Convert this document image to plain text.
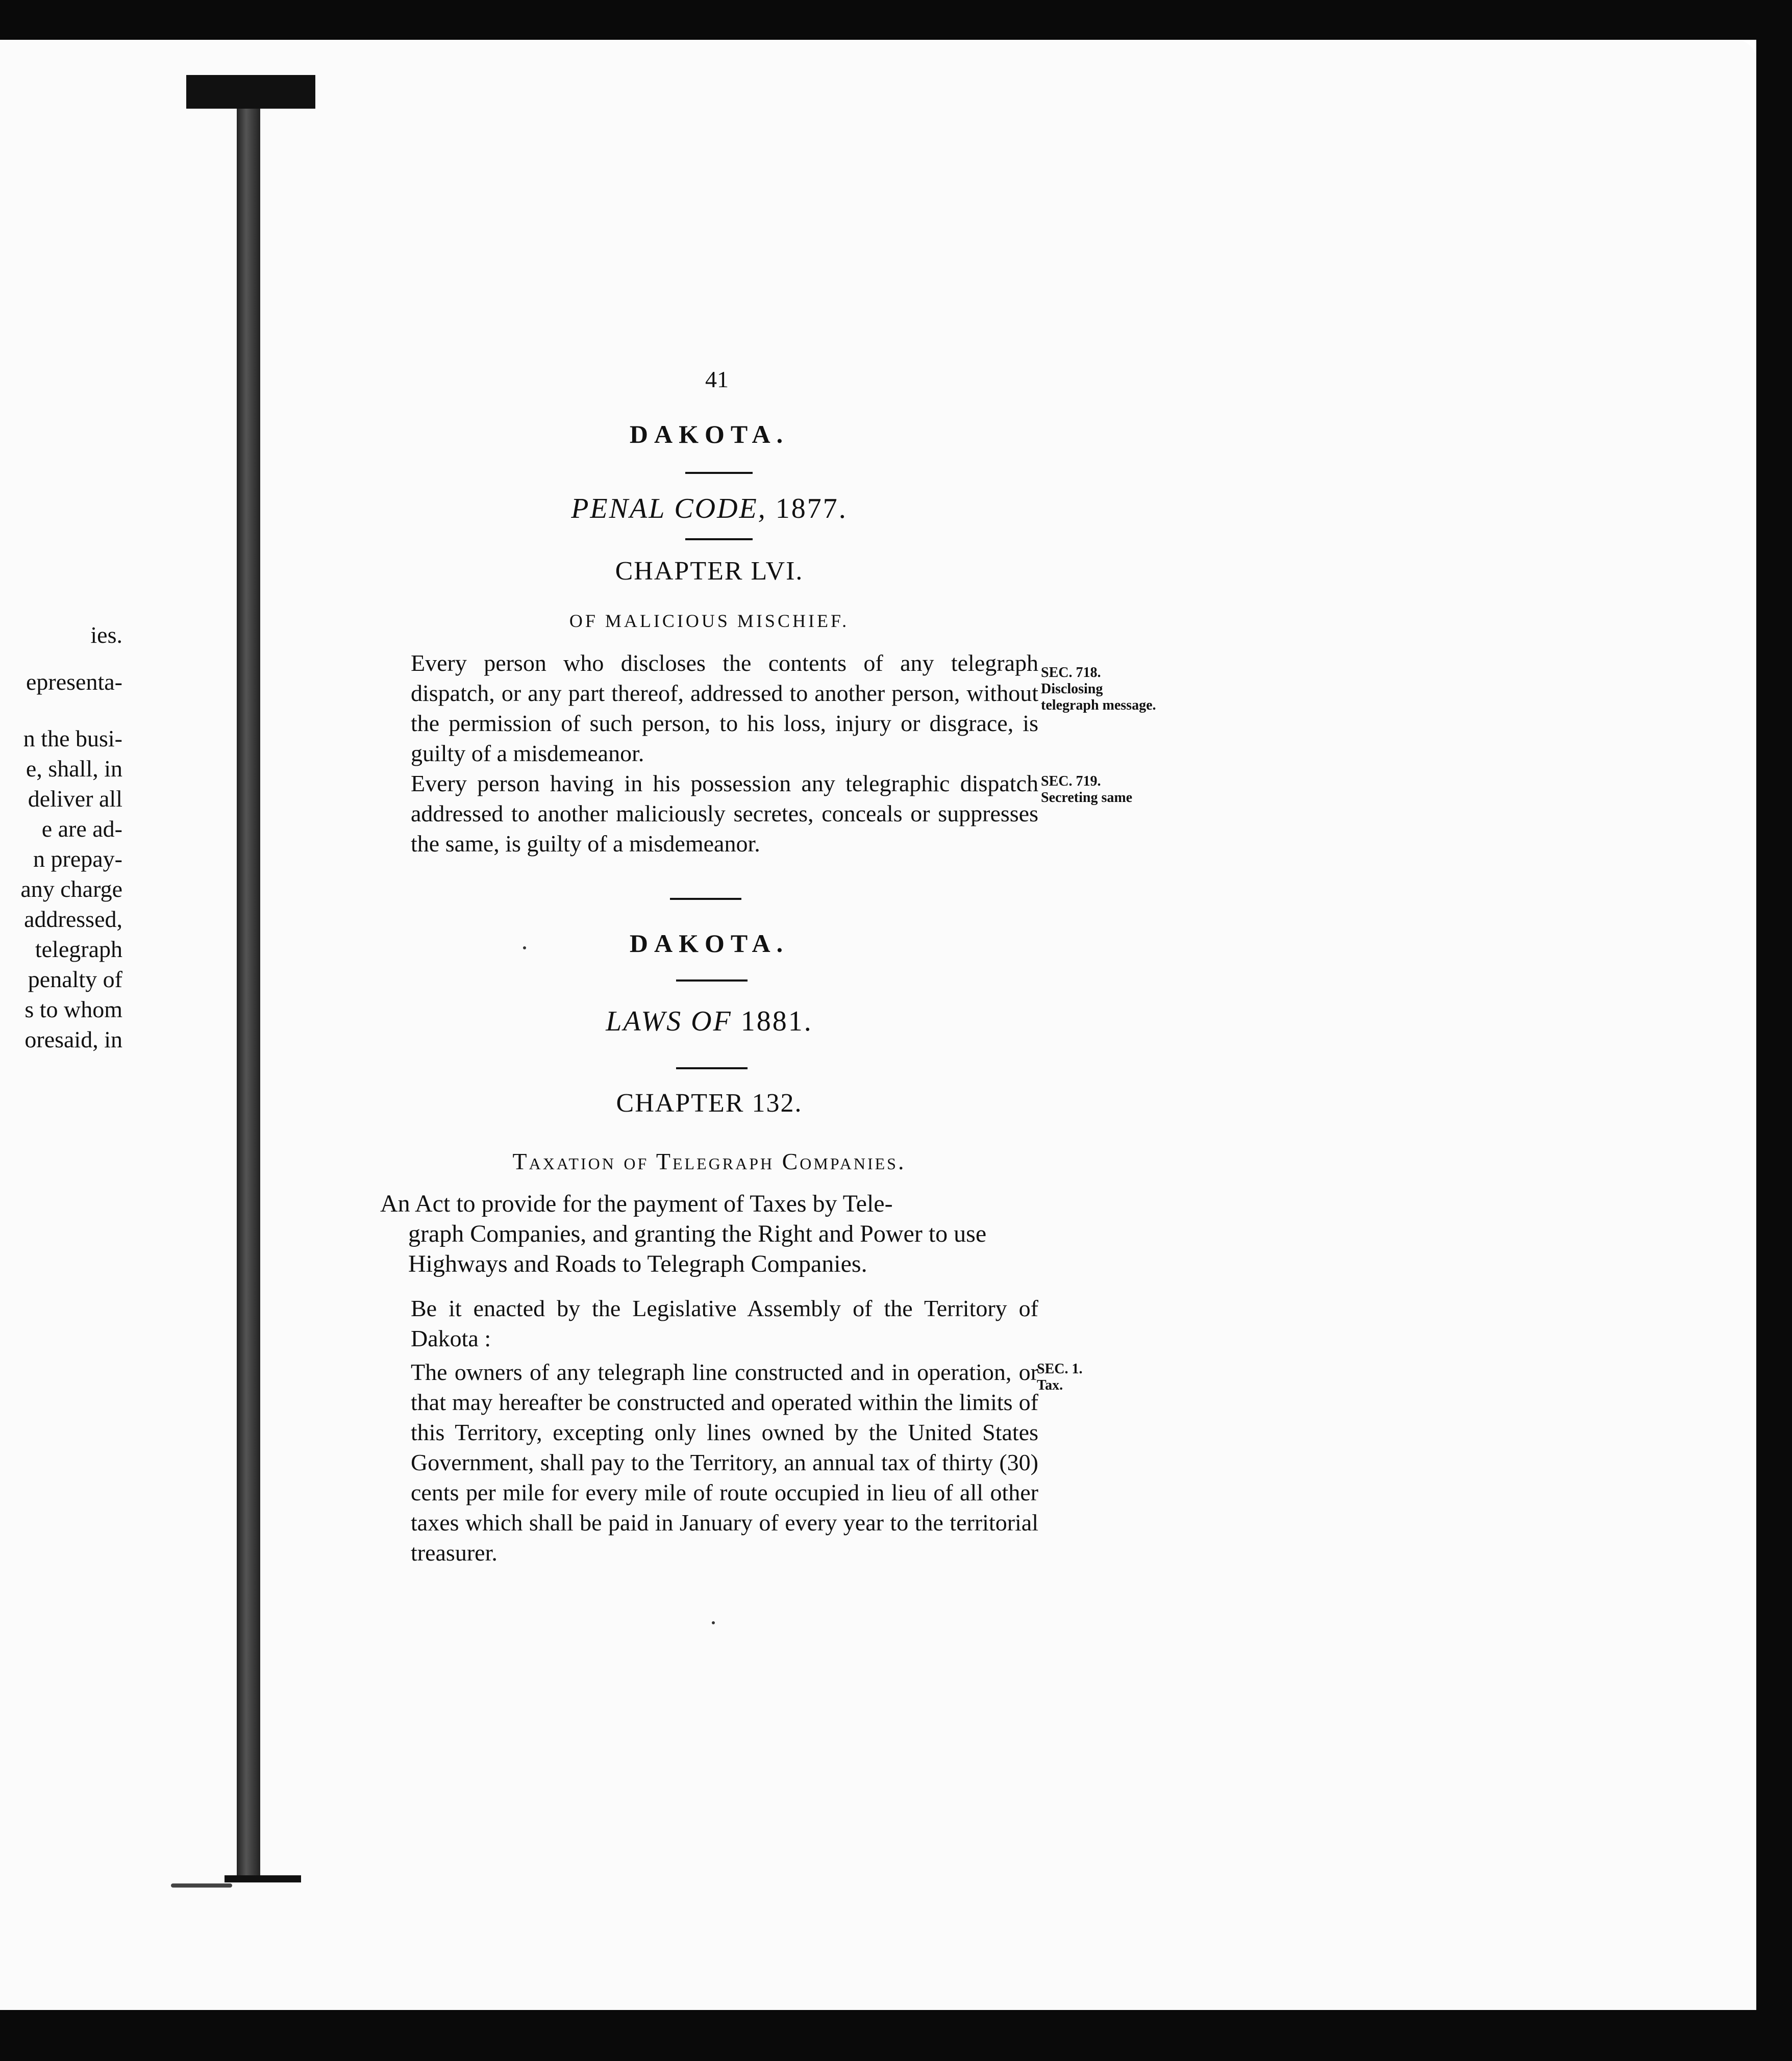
ies.
epresenta-
n the busi-
e, shall, in
deliver all
e are ad-
n prepay-
any charge
addressed,
telegraph
penalty of
s to whom
oresaid, in
41
DAKOTA.
PENAL CODE, 1877.
CHAPTER LVI.
OF MALICIOUS MISCHIEF.
Every person who discloses the contents of any telegraph dispatch, or any part thereof, addressed to another person, without the permission of such person, to his loss, injury or disgrace, is guilty of a misdemeanor.
Every person having in his possession any telegraphic dispatch addressed to another maliciously secretes, conceals or suppresses the same, is guilty of a misdemeanor.
SEC. 718.
Disclosing telegraph message.
SEC. 719.
Secreting same
DAKOTA.
LAWS OF 1881.
CHAPTER 132.
Taxation of Telegraph Companies.
An Act to provide for the payment of Taxes by Tele-
graph Companies, and granting the Right and Power to use Highways and Roads to Telegraph Companies.
Be it enacted by the Legislative Assembly of the Territory of Dakota :
The owners of any telegraph line constructed and in operation, or that may hereafter be constructed and operated within the limits of this Territory, excepting only lines owned by the United States Government, shall pay to the Territory, an annual tax of thirty (30) cents per mile for every mile of route occupied in lieu of all other taxes which shall be paid in January of every year to the territorial treasurer.
SEC. 1.
Tax.
